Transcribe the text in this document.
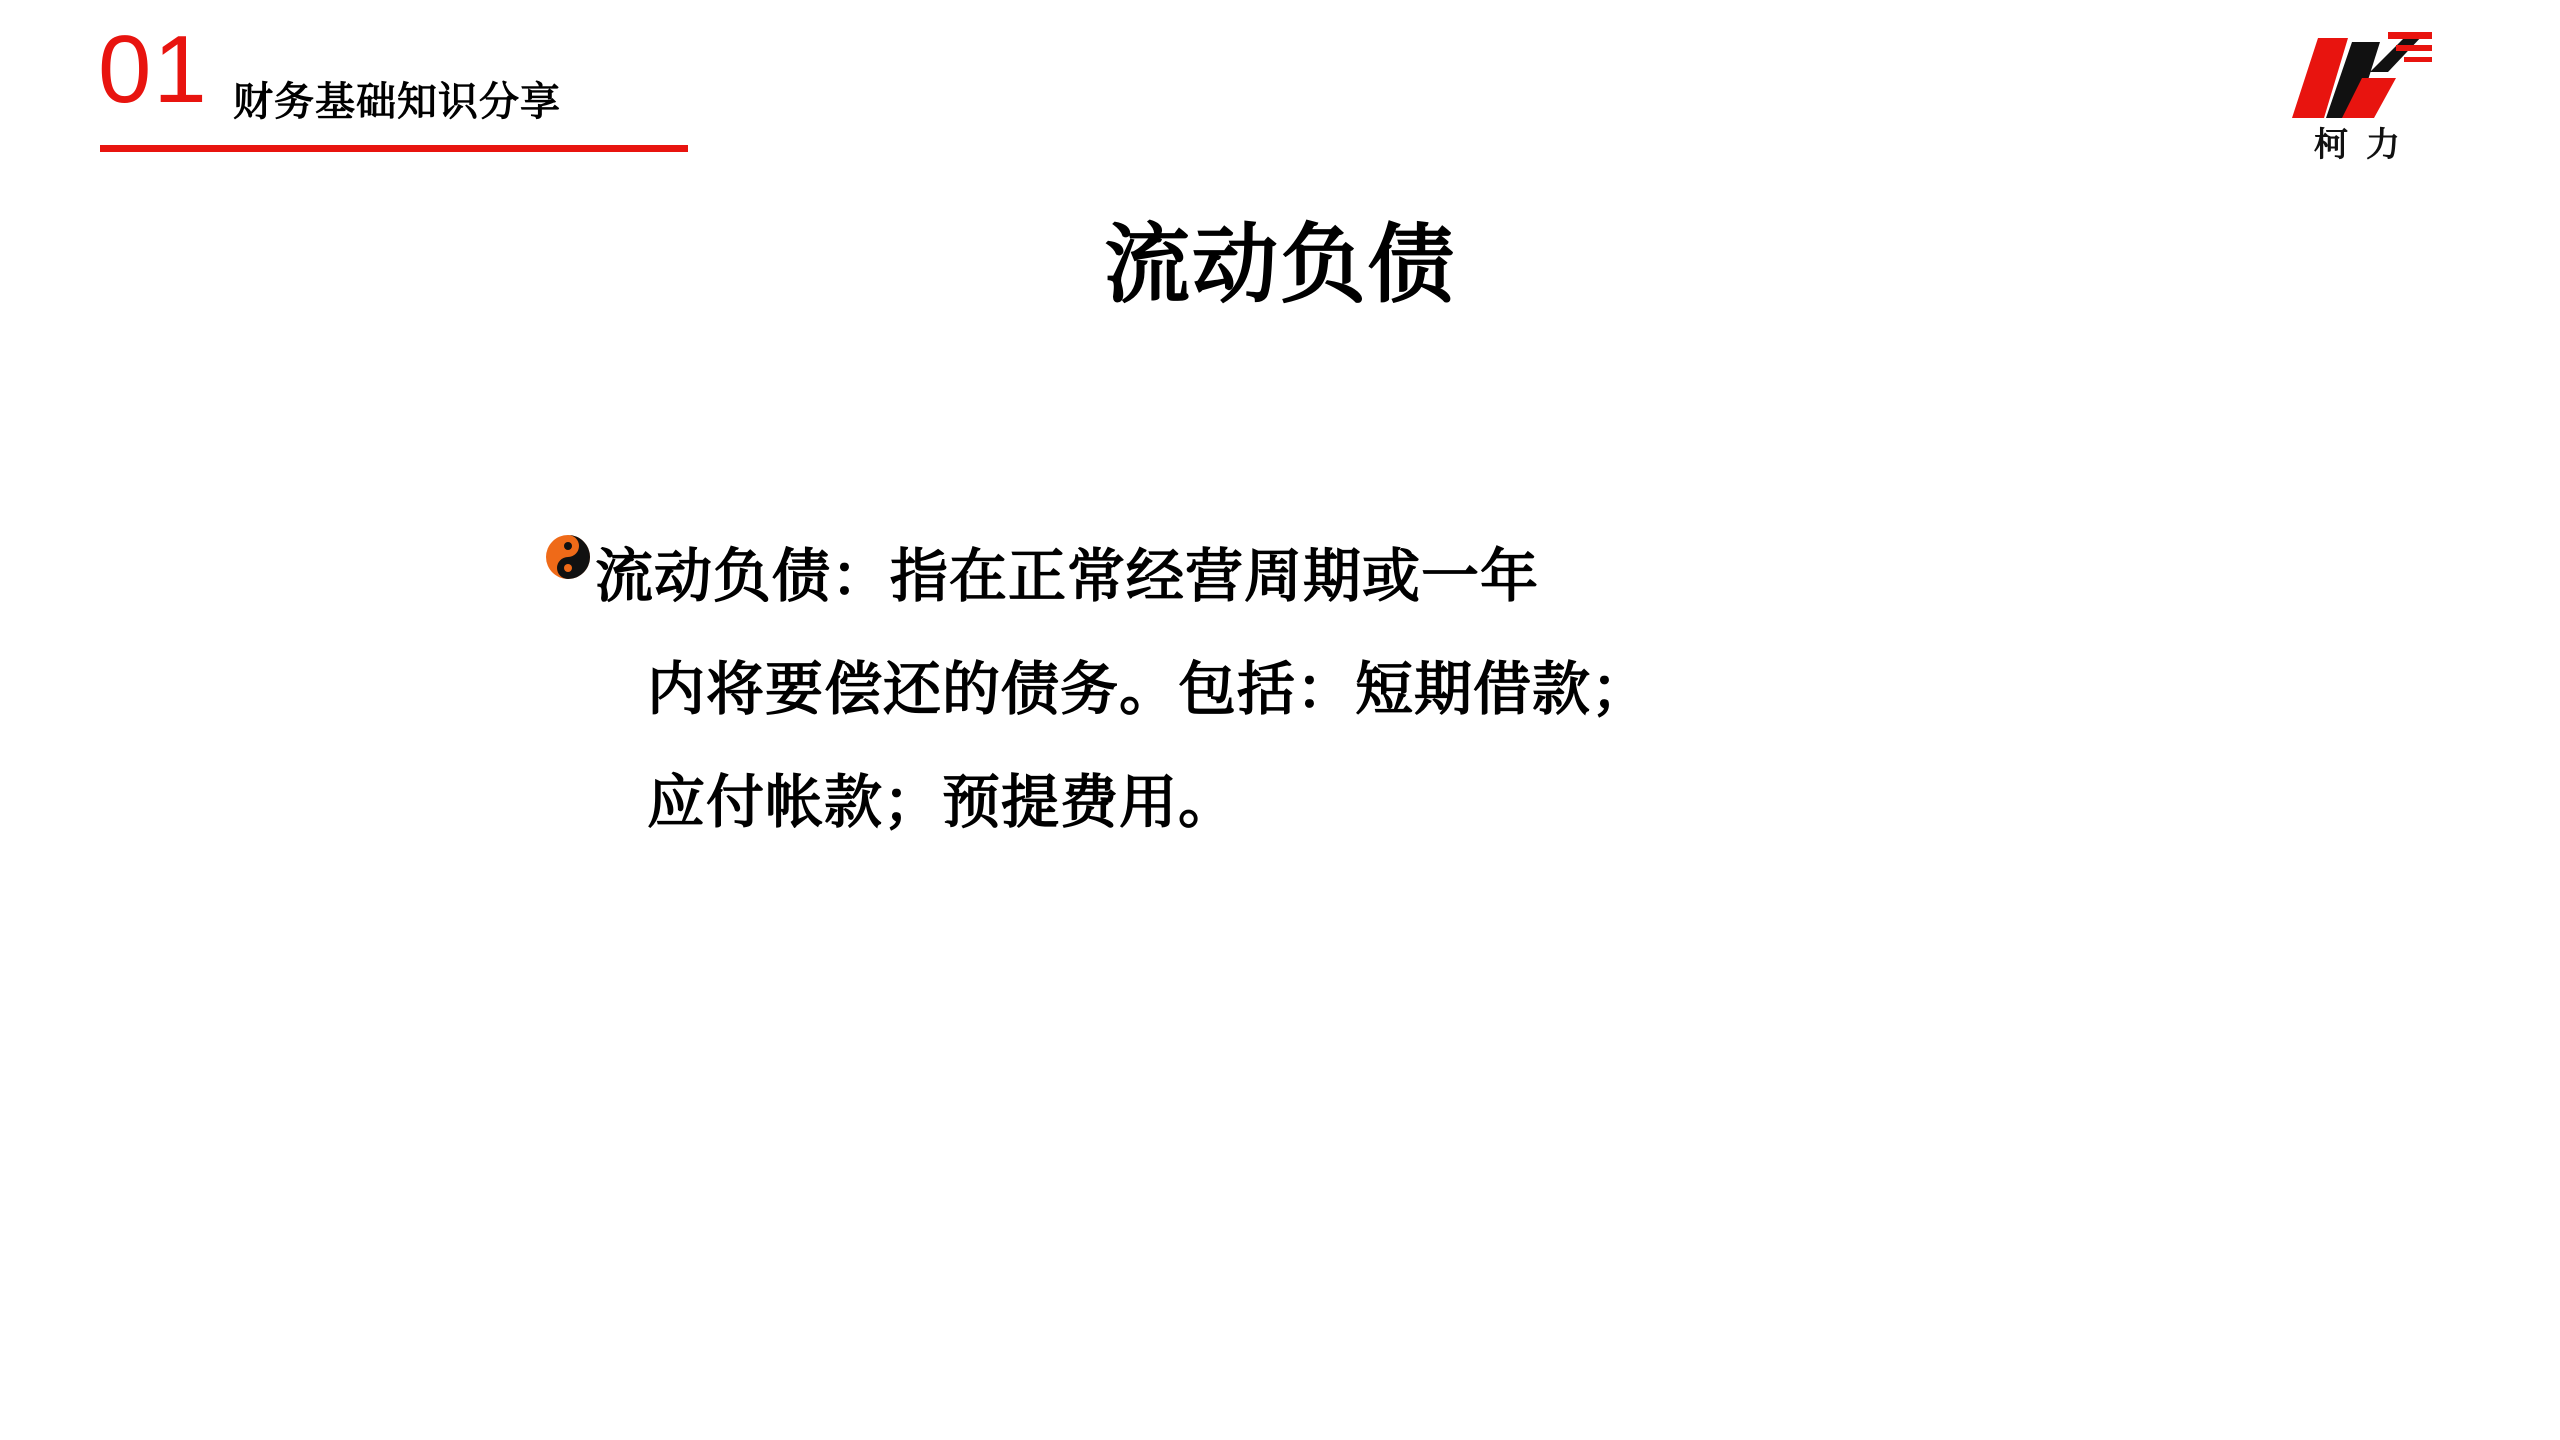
01 财务基础知识分享
柯力
流动负债
流动负债：指在正常经营周期或一年
内将要偿还的债务。包括：短期借款；
应付帐款；预提费用。
